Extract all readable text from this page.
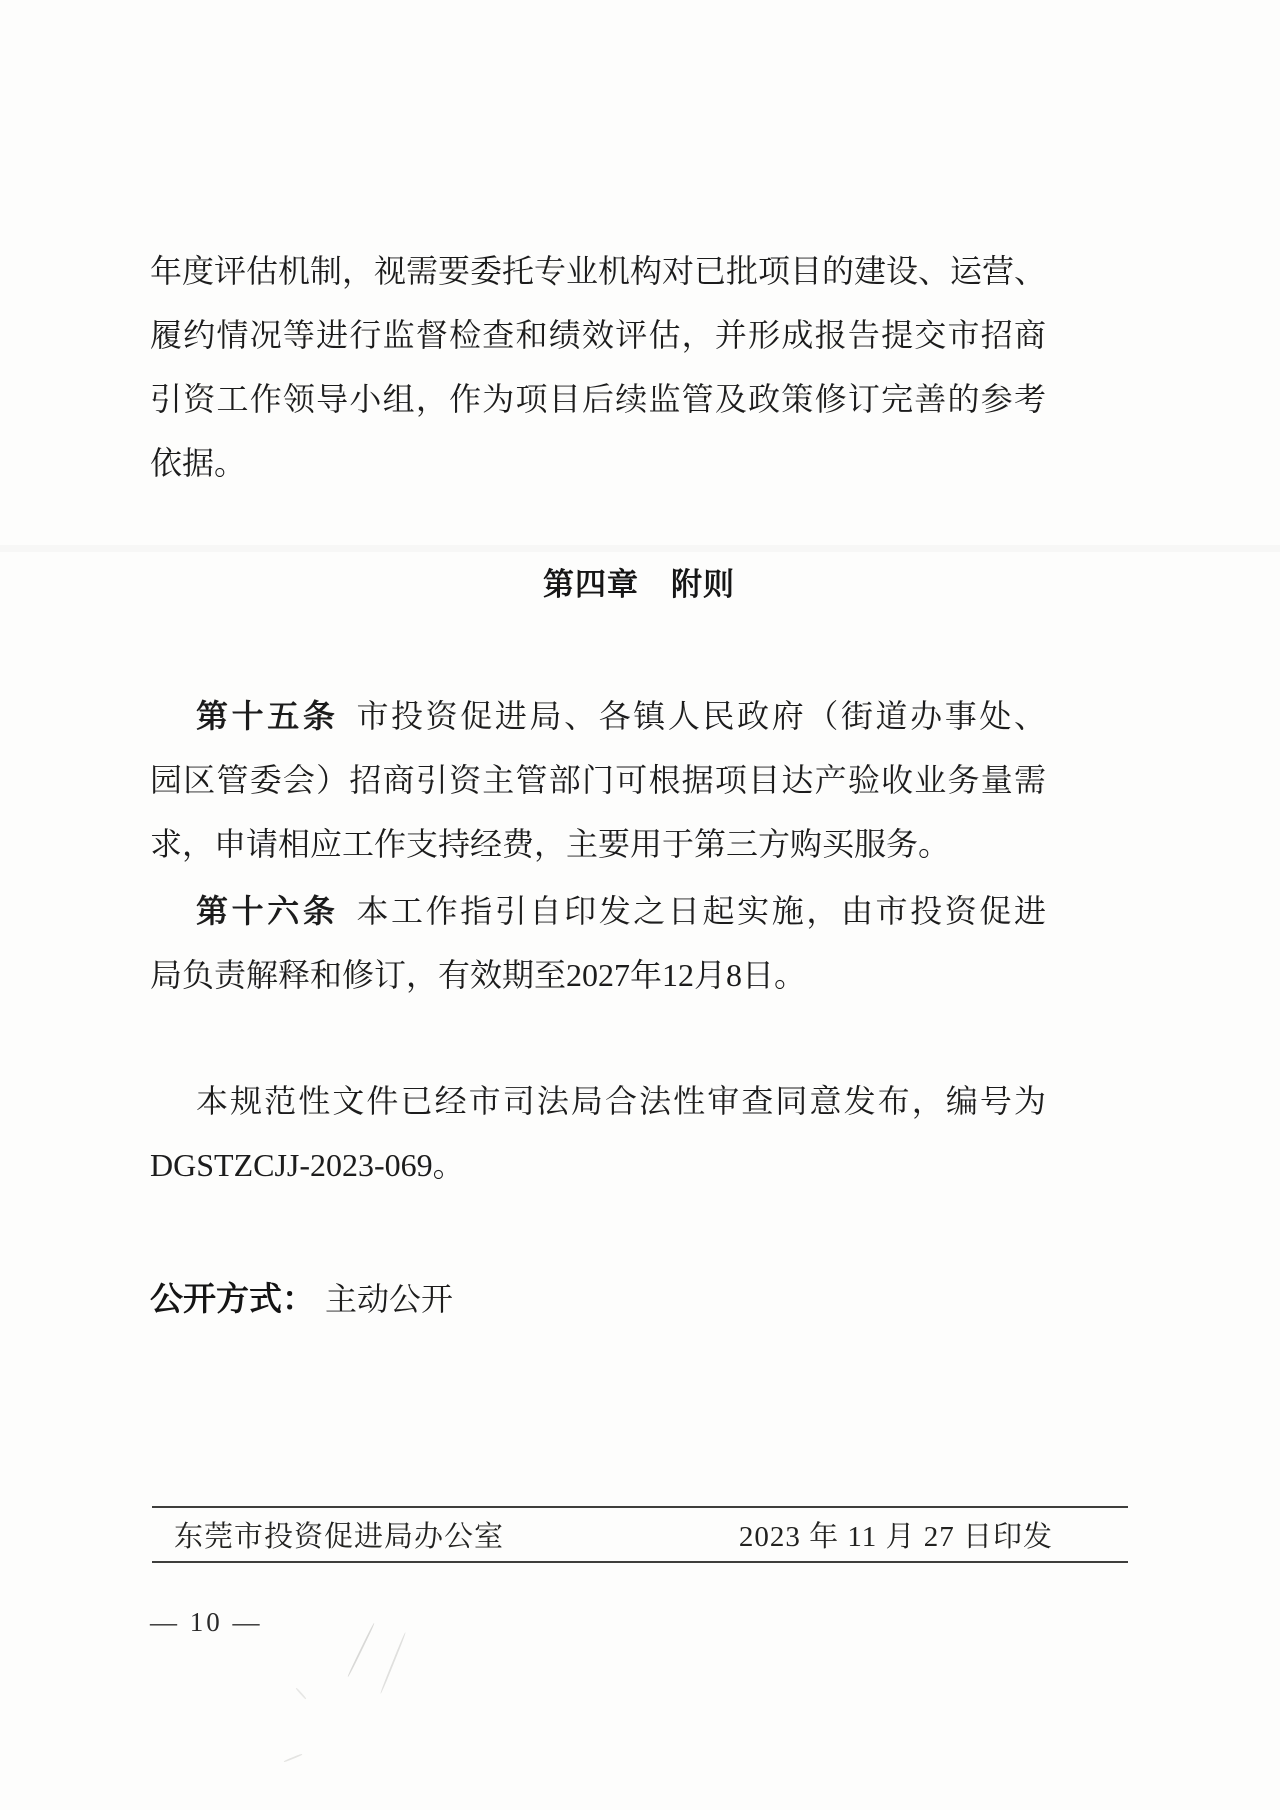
年度评估机制，视需要委托专业机构对已批项目的建设、运营、
履约情况等进行监督检查和绩效评估，并形成报告提交市招商
引资工作领导小组，作为项目后续监管及政策修订完善的参考
依据。
第四章　附则
第十五条 市投资促进局、各镇人民政府（街道办事处、
园区管委会）招商引资主管部门可根据项目达产验收业务量需
求，申请相应工作支持经费，主要用于第三方购买服务。
第十六条 本工作指引自印发之日起实施，由市投资促进
局负责解释和修订，有效期至2027年12月8日。
本规范性文件已经市司法局合法性审查同意发布，编号为
DGSTZCJJ-2023-069。
公开方式： 主动公开
东莞市投资促进局办公室	2023 年 11 月 27 日印发
— 10 —
